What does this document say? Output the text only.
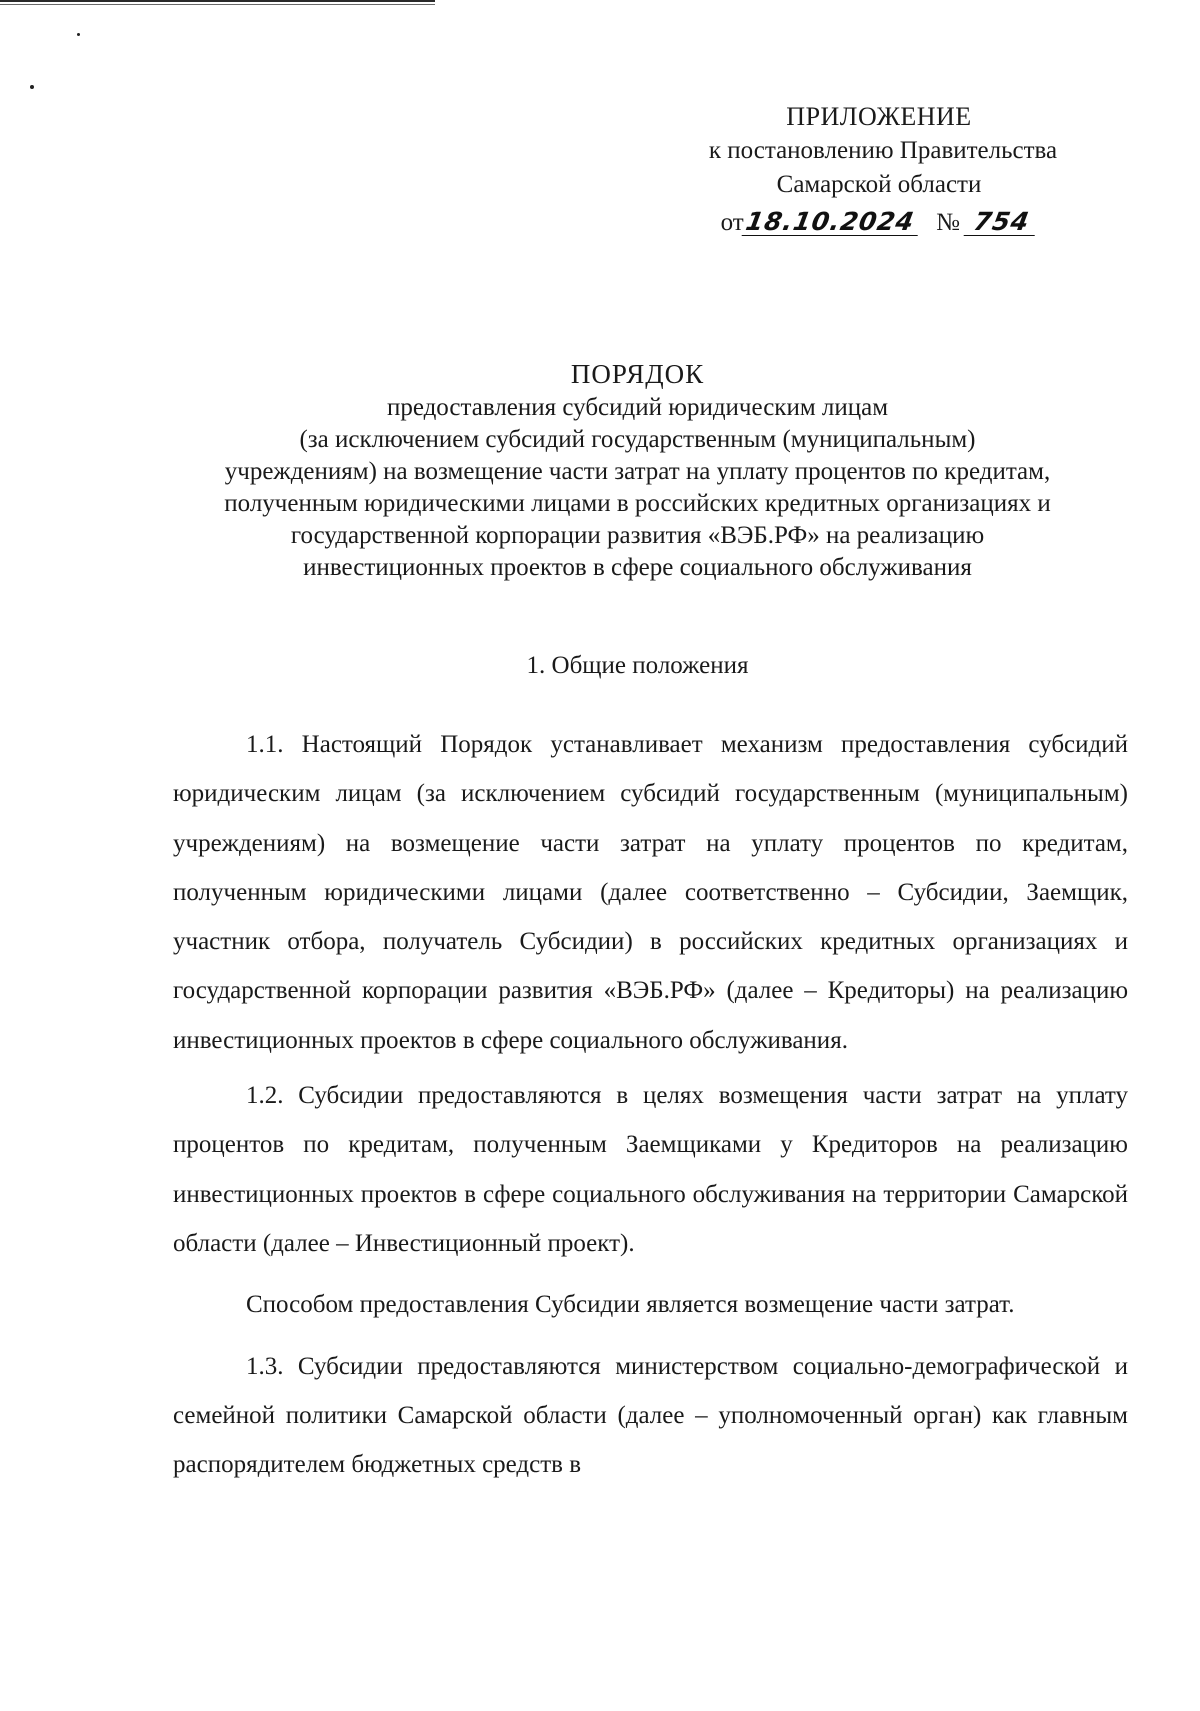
ПРИЛОЖЕНИЕ
к постановлению Правительства
Самарской области
от18.10.2024 № 754
ПОРЯДОК
предоставления субсидий юридическим лицам
(за исключением субсидий государственным (муниципальным)
учреждениям) на возмещение части затрат на уплату процентов по кредитам,
полученным юридическими лицами в российских кредитных организациях и
государственной корпорации развития «ВЭБ.РФ» на реализацию
инвестиционных проектов в сфере социального обслуживания
1. Общие положения

1.1. Настоящий Порядок устанавливает механизм предоставления субсидий юридическим лицам (за исключением субсидий государственным (муниципальным) учреждениям) на возмещение части затрат на уплату процентов по кредитам, полученным юридическими лицами (далее соответственно – Субсидии, Заемщик, участник отбора, получатель Субсидии) в российских кредитных организациях и государственной корпорации развития «ВЭБ.РФ» (далее – Кредиторы) на реализацию инвестиционных проектов в сфере социального обслуживания.

1.2. Субсидии предоставляются в целях возмещения части затрат на уплату процентов по кредитам, полученным Заемщиками у Кредиторов на реализацию инвестиционных проектов в сфере социального обслуживания на территории Самарской области (далее – Инвестиционный проект).

Способом предоставления Субсидии является возмещение части затрат.

1.3. Субсидии предоставляются министерством социально-демографической и семейной политики Самарской области (далее – уполномоченный орган) как главным распорядителем бюджетных средств в
